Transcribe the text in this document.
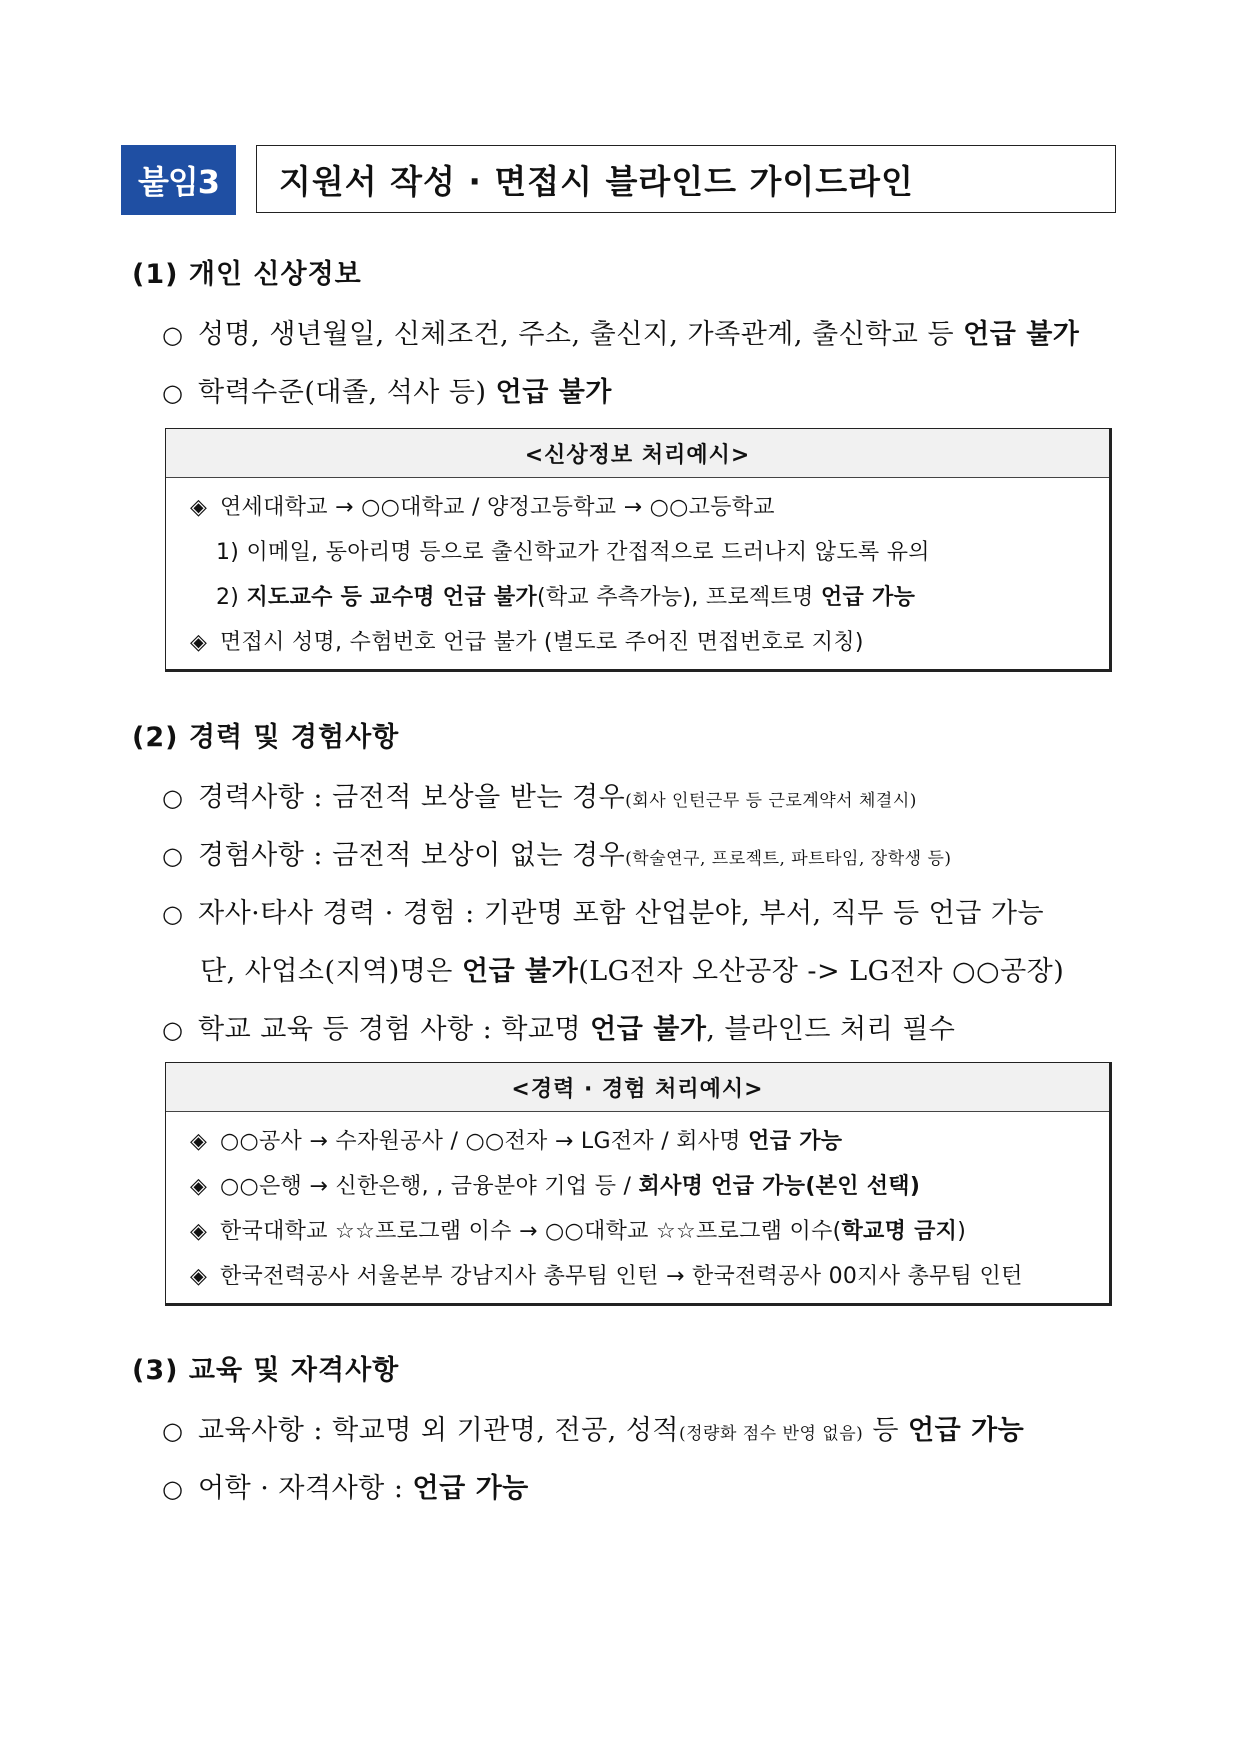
붙임3	지원서 작성 · 면접시 블라인드 가이드라인
(1) 개인 신상정보
○ 성명, 생년월일, 신체조건, 주소, 출신지, 가족관계, 출신학교 등 언급 불가
○ 학력수준(대졸, 석사 등) 언급 불가
<신상정보 처리예시>
◈ 연세대학교 → ○○대학교 / 양정고등학교 → ○○고등학교
1) 이메일, 동아리명 등으로 출신학교가 간접적으로 드러나지 않도록 유의
2) 지도교수 등 교수명 언급 불가(학교 추측가능), 프로젝트명 언급 가능
◈ 면접시 성명, 수험번호 언급 불가 (별도로 주어진 면접번호로 지칭)
(2) 경력 및 경험사항
○ 경력사항 : 금전적 보상을 받는 경우(회사 인턴근무 등 근로계약서 체결시)
○ 경험사항 : 금전적 보상이 없는 경우(학술연구, 프로젝트, 파트타임, 장학생 등)
○ 자사·타사 경력 · 경험 : 기관명 포함 산업분야, 부서, 직무 등 언급 가능
단, 사업소(지역)명은 언급 불가(LG전자 오산공장 -> LG전자 ○○공장)
○ 학교 교육 등 경험 사항 : 학교명 언급 불가, 블라인드 처리 필수
<경력 · 경험 처리예시>
◈ ○○공사 → 수자원공사 / ○○전자 → LG전자 / 회사명 언급 가능
◈ ○○은행 → 신한은행, , 금융분야 기업 등 / 회사명 언급 가능(본인 선택)
◈ 한국대학교 ☆☆프로그램 이수 → ○○대학교 ☆☆프로그램 이수(학교명 금지)
◈ 한국전력공사 서울본부 강남지사 총무팀 인턴 → 한국전력공사 00지사 총무팀 인턴
(3) 교육 및 자격사항
○ 교육사항 : 학교명 외 기관명, 전공, 성적(정량화 점수 반영 없음) 등 언급 가능
○ 어학 · 자격사항 : 언급 가능
